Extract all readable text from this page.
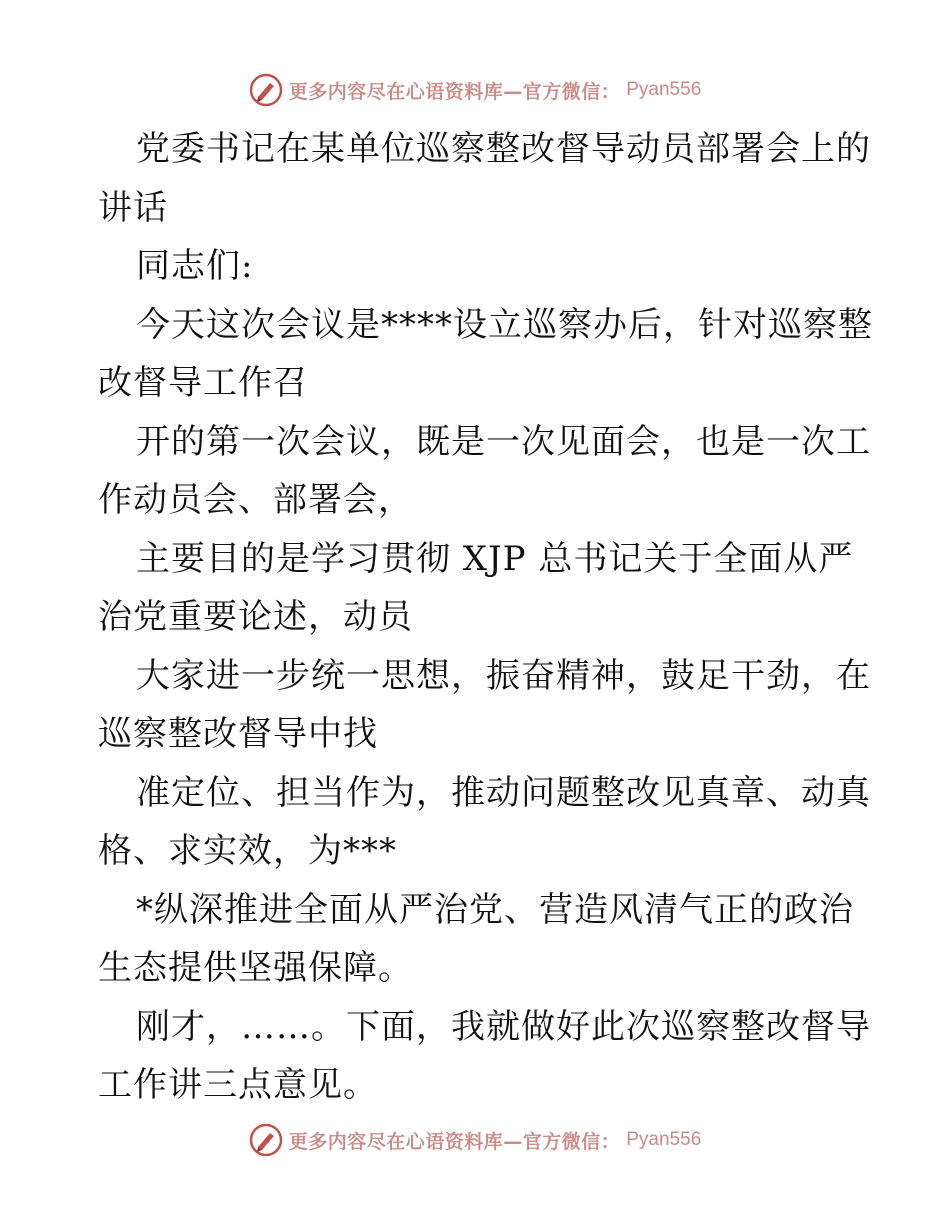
更多内容尽在心语资料库—官方微信： Pyan556
党委书记在某单位巡察整改督导动员部署会上的
讲话
同志们:
今天这次会议是****设立巡察办后，针对巡察整
改督导工作召
开的第一次会议，既是一次见面会，也是一次工
作动员会、部署会，
主要目的是学习贯彻 XJP 总书记关于全面从严
治党重要论述，动员
大家进一步统一思想，振奋精神，鼓足干劲，在
巡察整改督导中找
准定位、担当作为，推动问题整改见真章、动真
格、求实效，为***
*纵深推进全面从严治党、营造风清气正的政治
生态提供坚强保障。
刚才，……。下面，我就做好此次巡察整改督导
工作讲三点意见。
更多内容尽在心语资料库—官方微信： Pyan556
